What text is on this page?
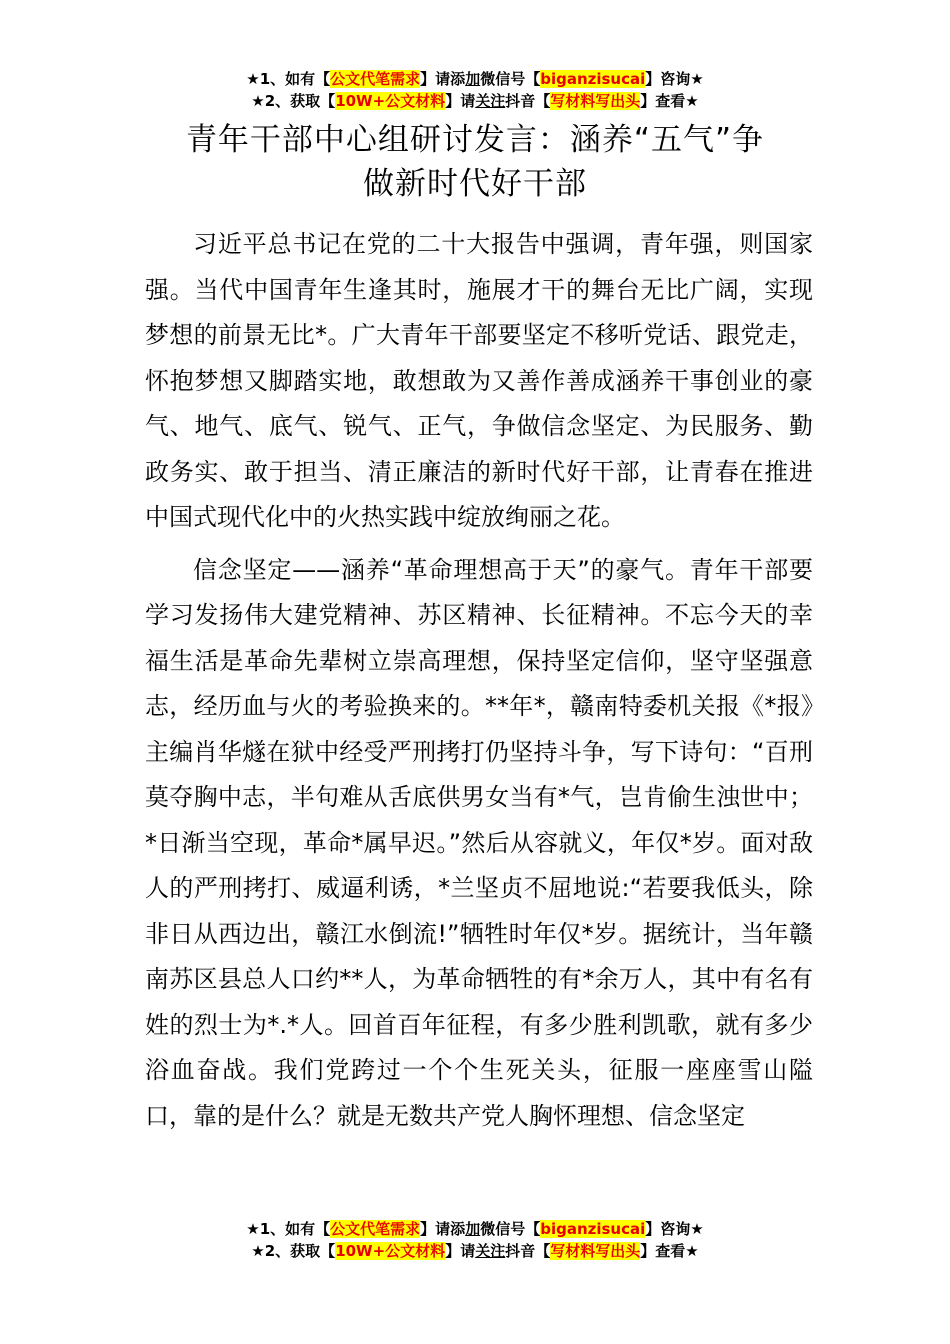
★1、如有【公文代笔需求】请添加微信号【biganzisucai】咨询★
★2、获取【10W+公文材料】请关注抖音【写材料写出头】查看★
青年干部中心组研讨发言：涵养“五气”争
做新时代好干部

习近平总书记在党的二十大报告中强调，青年强，则国家强。当代中国青年生逢其时，施展才干的舞台无比广阔，实现梦想的前景无比*。广大青年干部要坚定不移听党话、跟党走，怀抱梦想又脚踏实地，敢想敢为又善作善成涵养干事创业的豪气、地气、底气、锐气、正气，争做信念坚定、为民服务、勤政务实、敢于担当、清正廉洁的新时代好干部，让青春在推进中国式现代化中的火热实践中绽放绚丽之花。

信念坚定——涵养“革命理想高于天”的豪气。青年干部要学习发扬伟大建党精神、苏区精神、长征精神。不忘今天的幸福生活是革命先辈树立崇高理想，保持坚定信仰，坚守坚强意志，经历血与火的考验换来的。**年*，赣南特委机关报《*报》主编肖华燧在狱中经受严刑拷打仍坚持斗争，写下诗句：“百刑莫夺胸中志，半句难从舌底供男女当有*气，岂肯偷生浊世中；*日渐当空现，革命*属早迟。”然后从容就义，年仅*岁。面对敌人的严刑拷打、威逼利诱，*兰坚贞不屈地说:“若要我低头，除非日从西边出，赣江水倒流!”牺牲时年仅*岁。据统计，当年赣南苏区县总人口约**人，为革命牺牲的有*余万人，其中有名有姓的烈士为*.*人。回首百年征程，有多少胜利凯歌，就有多少浴血奋战。我们党跨过一个个生死关头，征服一座座雪山隘口，靠的是什么？就是无数共产党人胸怀理想、信念坚定

★1、如有【公文代笔需求】请添加微信号【biganzisucai】咨询★
★2、获取【10W+公文材料】请关注抖音【写材料写出头】查看★
